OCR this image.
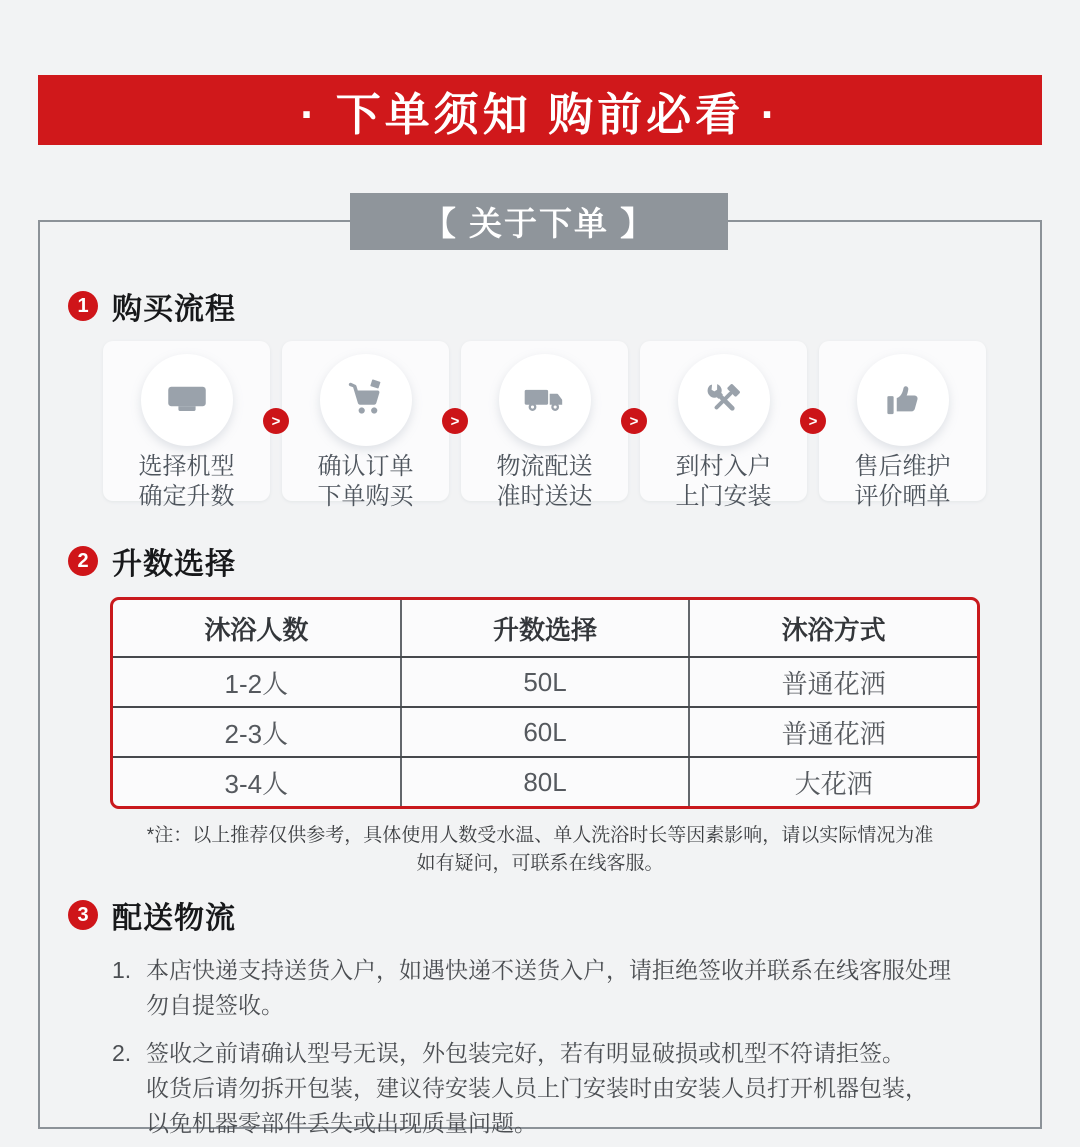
· 下单须知 购前必看 ·
【 关于下单 】
1 购买流程
选择机型
确定升数
确认订单
下单购买
物流配送
准时送达
到村入户
上门安装
售后维护
评价晒单
>	>	>	>
2 升数选择
沐浴人数	升数选择	沐浴方式
1-2人	50L	普通花洒
2-3人	60L	普通花洒
3-4人	80L	大花洒
*注：以上推荐仅供参考，具体使用人数受水温、单人洗浴时长等因素影响，请以实际情况为准
如有疑问，可联系在线客服。
3 配送物流
1. 本店快递支持送货入户，如遇快递不送货入户，请拒绝签收并联系在线客服处理
勿自提签收。
2. 签收之前请确认型号无误，外包装完好，若有明显破损或机型不符请拒签。
收货后请勿拆开包装，建议待安装人员上门安装时由安装人员打开机器包装，
以免机器零部件丢失或出现质量问题。
